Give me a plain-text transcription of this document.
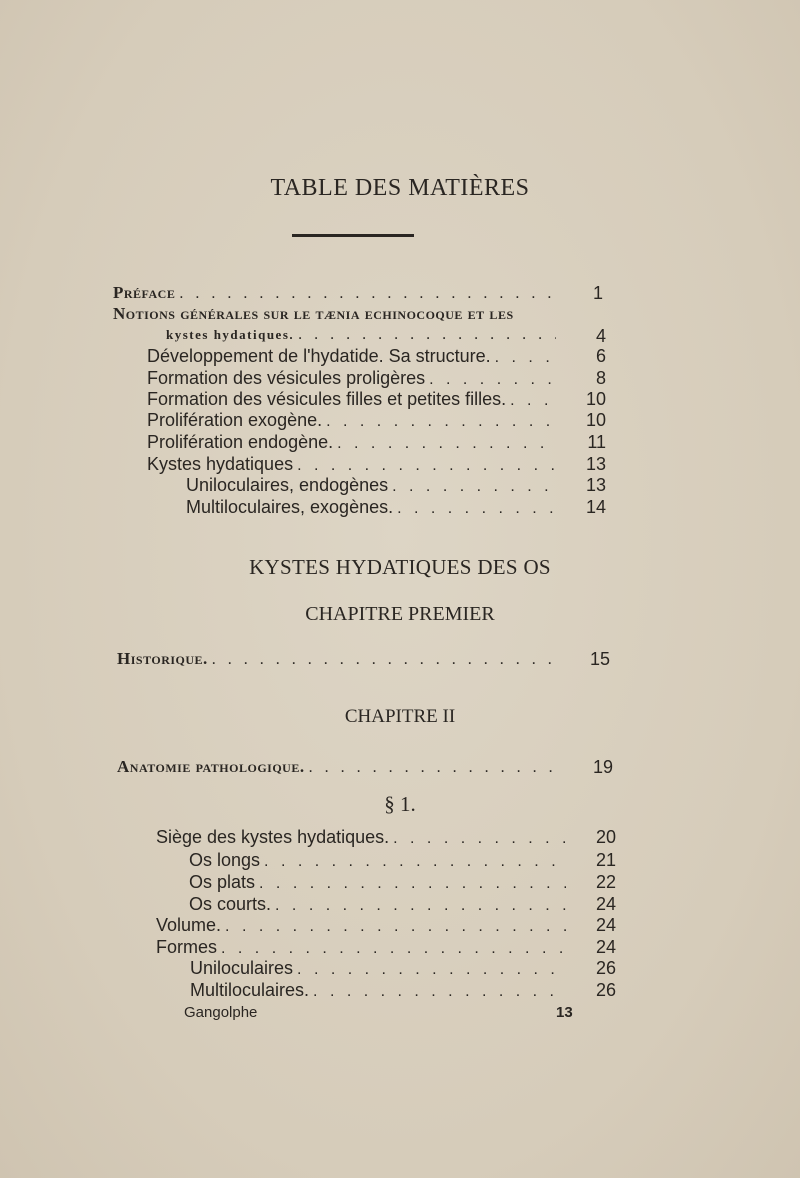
TABLE DES MATIÈRES
Préface . . .	1
Notions générales sur le tænia echinocoque et les
kystes hydatiques. . . .	4
Développement de l'hydatide. Sa structure. . . .	6
Formation des vésicules proligères . . .	8
Formation des vésicules filles et petites filles. . . .	10
Prolifération exogène. . . .	10
Prolifération endogène. . . .	11
Kystes hydatiques . . .	13
Uniloculaires, endogènes . . .	13
Multiloculaires, exogènes. . . .	14
KYSTES HYDATIQUES DES OS
CHAPITRE PREMIER
Historique. . . .	15
CHAPITRE II
Anatomie pathologique. . . .	19
§ 1.
Siège des kystes hydatiques. . . .	20
Os longs . . .	21
Os plats . . .	22
Os courts. . . .	24
Volume. . . .	24
Formes . . .	24
Uniloculaires . . .	26
Multiloculaires. . . .	26
Gangolphe	13
